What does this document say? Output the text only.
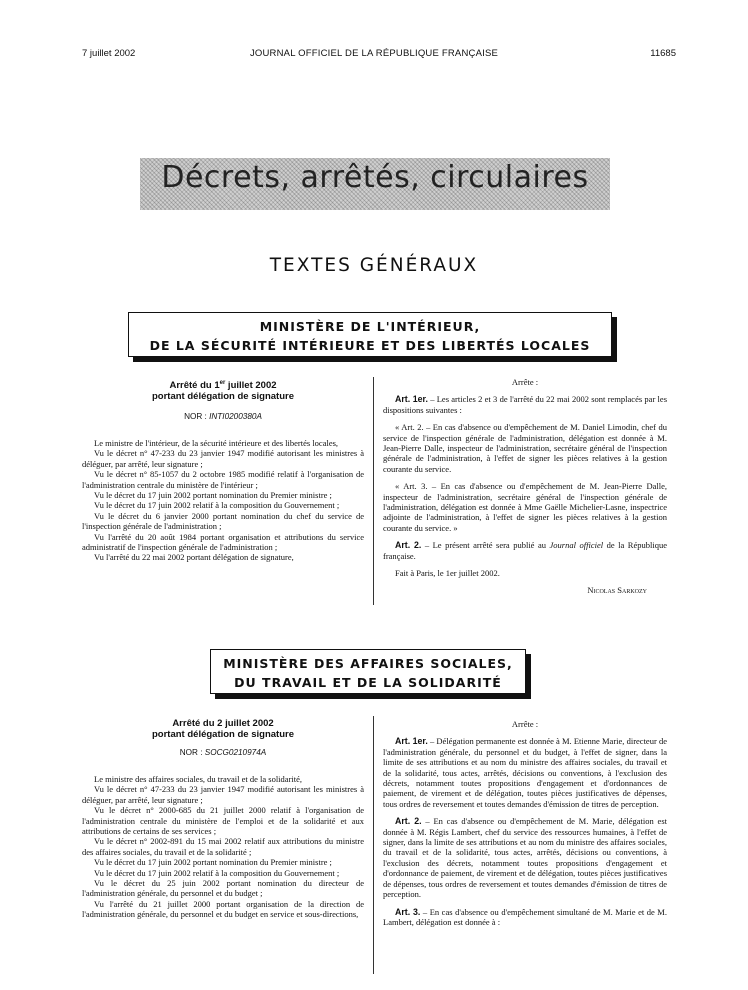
7 juillet 2002	JOURNAL OFFICIEL DE LA RÉPUBLIQUE FRANÇAISE	11685
Décrets, arrêtés, circulaires
TEXTES GÉNÉRAUX
MINISTÈRE DE L'INTÉRIEUR,
DE LA SÉCURITÉ INTÉRIEURE ET DES LIBERTÉS LOCALES
Arrêté du 1er juillet 2002
portant délégation de signature
NOR : INTI0200380A

Le ministre de l'intérieur, de la sécurité intérieure et des libertés locales,

Vu le décret n° 47-233 du 23 janvier 1947 modifié autorisant les ministres à déléguer, par arrêté, leur signature ;

Vu le décret n° 85-1057 du 2 octobre 1985 modifié relatif à l'organisation de l'administration centrale du ministère de l'intérieur ;

Vu le décret du 17 juin 2002 portant nomination du Premier ministre ;

Vu le décret du 17 juin 2002 relatif à la composition du Gouvernement ;

Vu le décret du 6 janvier 2000 portant nomination du chef du service de l'inspection générale de l'administration ;

Vu l'arrêté du 20 août 1984 portant organisation et attributions du service administratif de l'inspection générale de l'administration ;

Vu l'arrêté du 22 mai 2002 portant délégation de signature,

Arrête :

Art. 1er. – Les articles 2 et 3 de l'arrêté du 22 mai 2002 sont remplacés par les dispositions suivantes :

« Art. 2. – En cas d'absence ou d'empêchement de M. Daniel Limodin, chef du service de l'inspection générale de l'administration, délégation est donnée à M. Jean-Pierre Dalle, inspecteur de l'administration, secrétaire général de l'inspection générale de l'administration, à l'effet de signer les pièces relatives à la gestion courante du service.

« Art. 3. – En cas d'absence ou d'empêchement de M. Jean-Pierre Dalle, inspecteur de l'administration, secrétaire général de l'inspection générale de l'administration, délégation est donnée à Mme Gaëlle Michelier-Lasne, inspectrice adjointe de l'administration, à l'effet de signer les pièces relatives à la gestion courante du service. »

Art. 2. – Le présent arrêté sera publié au Journal officiel de la République française.

Fait à Paris, le 1er juillet 2002.

Nicolas Sarkozy

MINISTÈRE DES AFFAIRES SOCIALES,
DU TRAVAIL ET DE LA SOLIDARITÉ
Arrêté du 2 juillet 2002
portant délégation de signature
NOR : SOCG0210974A

Le ministre des affaires sociales, du travail et de la solidarité,

Vu le décret n° 47-233 du 23 janvier 1947 modifié autorisant les ministres à déléguer, par arrêté, leur signature ;

Vu le décret n° 2000-685 du 21 juillet 2000 relatif à l'organisation de l'administration centrale du ministère de l'emploi et de la solidarité et aux attributions de certains de ses services ;

Vu le décret n° 2002-891 du 15 mai 2002 relatif aux attributions du ministre des affaires sociales, du travail et de la solidarité ;

Vu le décret du 17 juin 2002 portant nomination du Premier ministre ;

Vu le décret du 17 juin 2002 relatif à la composition du Gouvernement ;

Vu le décret du 25 juin 2002 portant nomination du directeur de l'administration générale, du personnel et du budget ;

Vu l'arrêté du 21 juillet 2000 portant organisation de la direction de l'administration générale, du personnel et du budget en service et sous-directions,

Arrête :

Art. 1er. – Délégation permanente est donnée à M. Etienne Marie, directeur de l'administration générale, du personnel et du budget, à l'effet de signer, dans la limite de ses attributions et au nom du ministre des affaires sociales, du travail et de la solidarité, tous actes, arrêtés, décisions ou conventions, à l'exclusion des décrets, notamment toutes propositions d'engagement et d'ordonnances de paiement, de virement et de délégation, toutes pièces justificatives de dépenses, tous ordres de reversement et toutes demandes d'émission de titres de perception.

Art. 2. – En cas d'absence ou d'empêchement de M. Marie, délégation est donnée à M. Régis Lambert, chef du service des ressources humaines, à l'effet de signer, dans la limite de ses attributions et au nom du ministre des affaires sociales, du travail et de la solidarité, tous actes, arrêtés, décisions ou conventions, à l'exclusion des décrets, notamment toutes propositions d'engagement et d'ordonnance de paiement, de virement et de délégation, toutes pièces justificatives de dépenses, tous ordres de reversement et toutes demandes d'émission de titres de perception.

Art. 3. – En cas d'absence ou d'empêchement simultané de M. Marie et de M. Lambert, délégation est donnée à :
